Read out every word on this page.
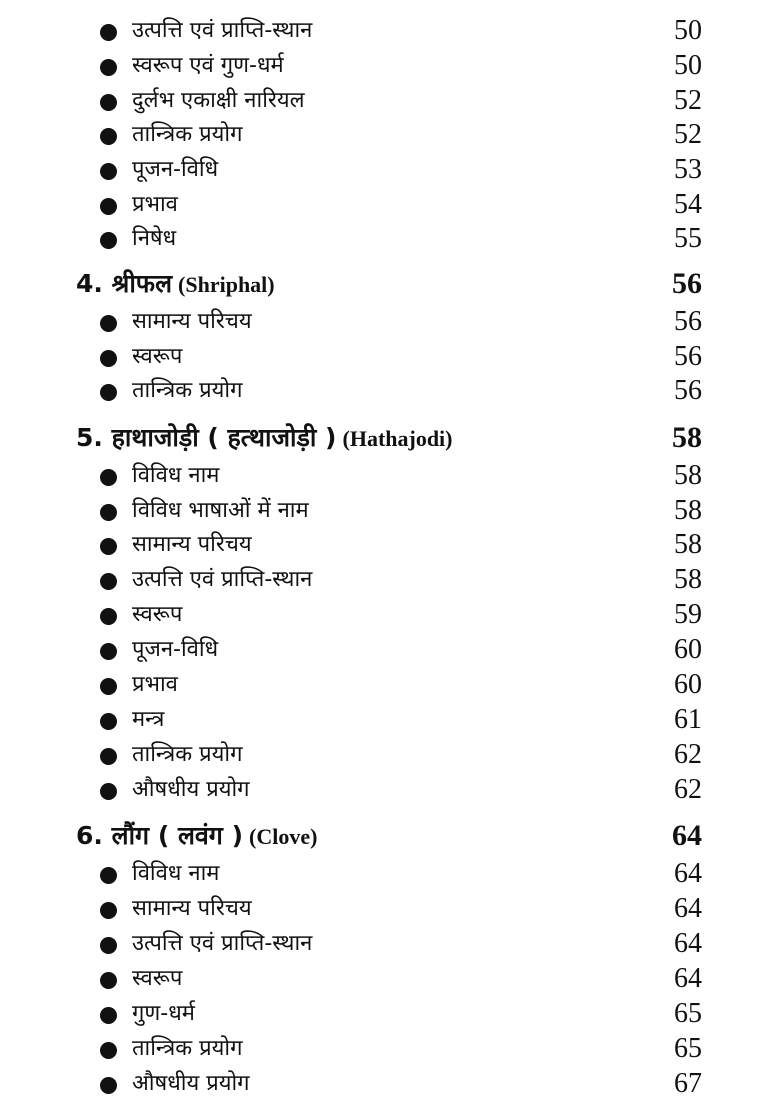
उत्पत्ति एवं प्राप्ति-स्थान	50
स्वरूप एवं गुण-धर्म	50
दुर्लभ एकाक्षी नारियल	52
तान्त्रिक प्रयोग	52
पूजन-विधि	53
प्रभाव	54
निषेध	55
4. श्रीफल (Shriphal)	56
सामान्य परिचय	56
स्वरूप	56
तान्त्रिक प्रयोग	56
5. हाथाजोड़ी ( हत्थाजोड़ी ) (Hathajodi)	58
विविध नाम	58
विविध भाषाओं में नाम	58
सामान्य परिचय	58
उत्पत्ति एवं प्राप्ति-स्थान	58
स्वरूप	59
पूजन-विधि	60
प्रभाव	60
मन्त्र	61
तान्त्रिक प्रयोग	62
औषधीय प्रयोग	62
6. लौंग ( लवंग ) (Clove)	64
विविध नाम	64
सामान्य परिचय	64
उत्पत्ति एवं प्राप्ति-स्थान	64
स्वरूप	64
गुण-धर्म	65
तान्त्रिक प्रयोग	65
औषधीय प्रयोग	67
